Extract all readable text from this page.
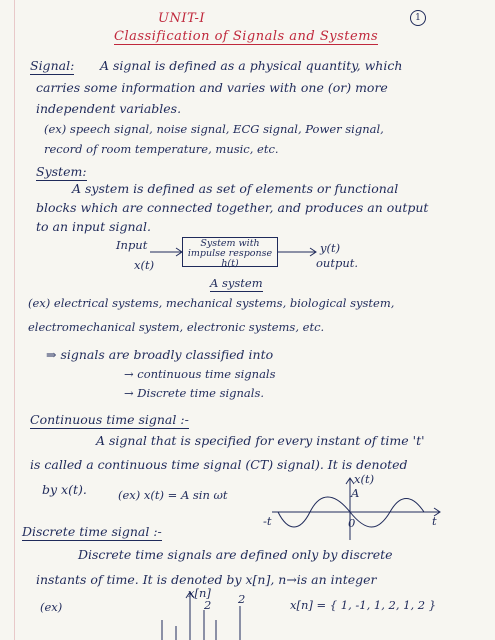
UNIT-I	1
Classification of Signals and Systems
Signal: A signal is defined as a physical quantity, which
carries some information and varies with one (or) more
independent variables.
(ex) speech signal, noise signal, ECG signal, Power signal,
record of room temperature, music, etc.
System:
A system is defined as set of elements or functional
blocks which are connected together, and produces an output
to an input signal.
Input
x(t)
System with
impulse response
h(t)
y(t)
output.
A system
(ex) electrical systems, mechanical systems, biological system,
electromechanical system, electronic systems, etc.
⇒ signals are broadly classified into
→ continuous time signals
→ Discrete time signals.
Continuous time signal :-
A signal that is specified for every instant of time 't'
is called a continuous time signal (CT) signal). It is denoted
by x(t).	(ex) x(t) = A sin ωt
x(t)
A
-t	0	t
Discrete time signal :-
Discrete time signals are defined only by discrete
instants of time. It is denoted by x[n], n→is an integer
(ex)
x[n]
2 2	x[n] = { 1, -1, 1, 2, 1, 2 }
